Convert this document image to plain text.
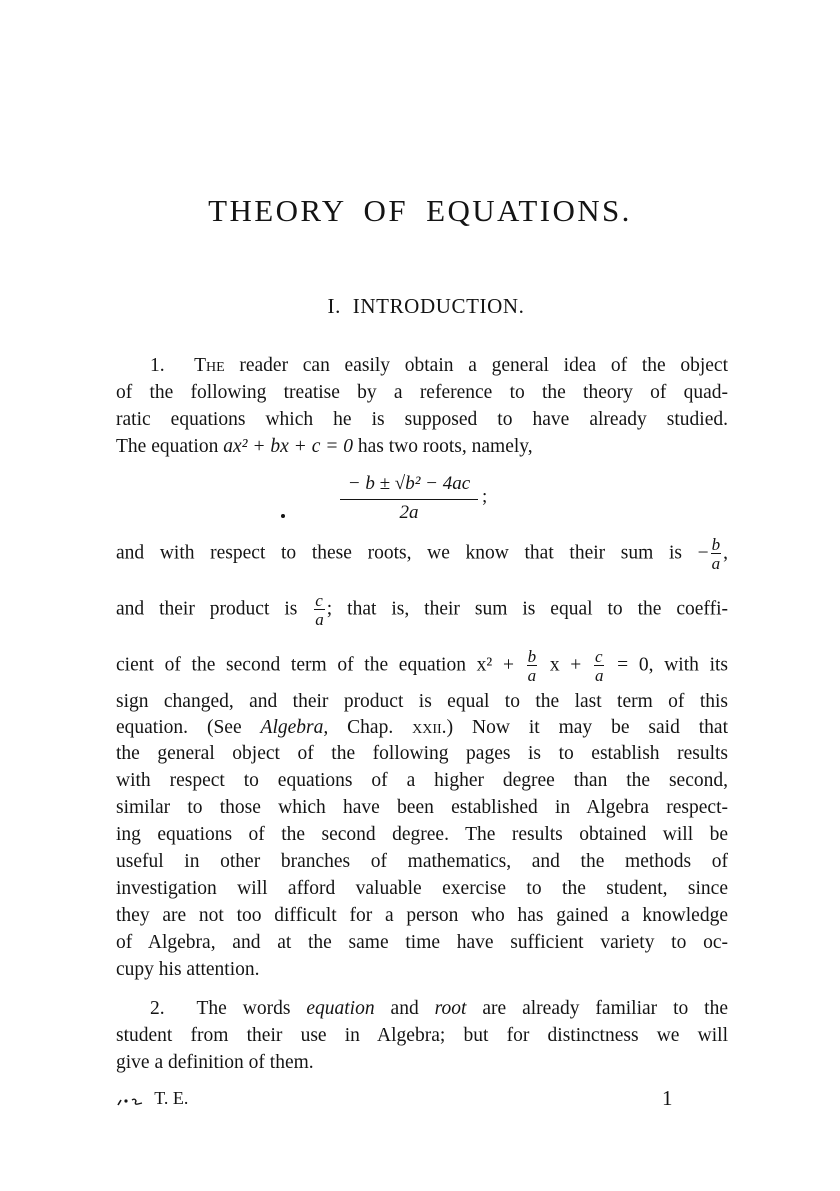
THEORY OF EQUATIONS.
I. INTRODUCTION.
1. The reader can easily obtain a general idea of the object
of the following treatise by a reference to the theory of quad-
ratic equations which he is supposed to have already studied.
The equation ax² + bx + c = 0 has two roots, namely,
− b ± √b² − 4ac
2a
;
and with respect to these roots, we know that their sum is − $\frac{b}{a}$ ,
and their product is $\frac{c}{a}$ ; that is, their sum is equal to the coeffi-
cient of the second term of the equation $x^2 + \frac{b}{a}$ $x + \frac{c}{a} = 0$, with its
sign changed, and their product is equal to the last term of this
equation. (See Algebra, Chap. xxii.) Now it may be said that
the general object of the following pages is to establish results
with respect to equations of a higher degree than the second,
similar to those which have been established in Algebra respect-
ing equations of the second degree. The results obtained will be
useful in other branches of mathematics, and the methods of
investigation will afford valuable exercise to the student, since
they are not too difficult for a person who has gained a knowledge
of Algebra, and at the same time have sufficient variety to oc-
cupy his attention.
2. The words equation and root are already familiar to the
student from their use in Algebra; but for distinctness we will
give a definition of them.
T. E.	1
